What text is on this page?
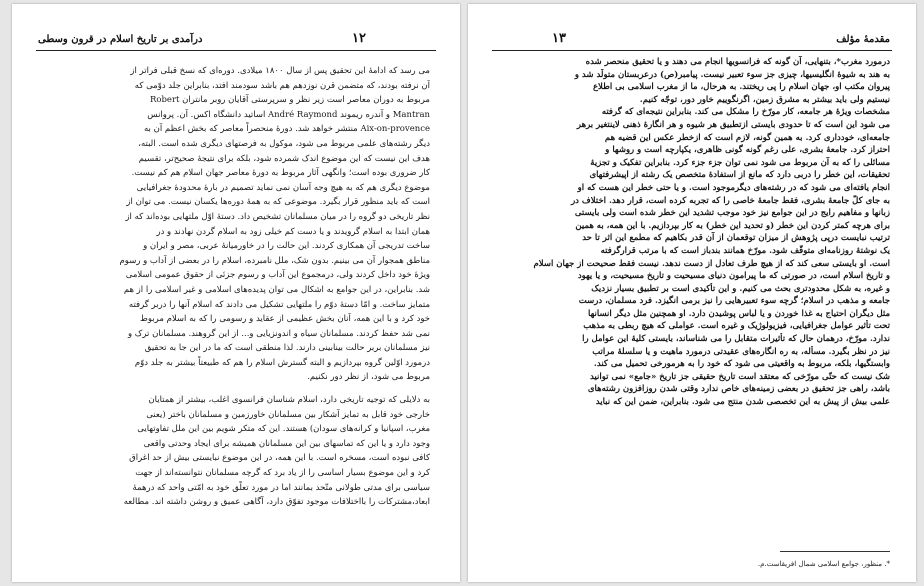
۱۲
درآمدی بر تاریخ اسلام در قرون وسطی
می رسد که ادامهٔ این تحقیق پس از سال ۱۸۰۰ میلادی. دوره‌ای که نسخ قبلی فراتر از
آن نرفته بودند، که متضمن قرن نوزدهم هم باشد سودمند افتد، بنابراین جلد دوّمی که
مربوط به دوران معاصر است زیر نظر و سرپرستی آقایان روبر مانتران Robert
Mantran و آندره ریموند André Raymond اساتید دانشگاه اکس. آن. پروانس
Aix-on-provence منتشر خواهد شد. دورهٔ منحصراً معاصر که بخش اعظم آن به
دیگر رشته‌های علمی مربوط می شود، موکول به فرصتهای دیگری شده است. البته،
هدف این نیست که این موضوع اندک شمرده شود، بلکه برای نتیجهٔ صحیح‌تر، تقسیم
کار ضروری بوده است؛ وانگهی آثار مربوط به دورهٔ معاصر جهان اسلام هم کم نیست.
موضوع دیگری هم که به هیچ وجه آسان نمی نماید تصمیم در بارهٔ محدودهٔ جغرافیایی
است که باید منظور قرار بگیرد. موضوعی که به همهٔ دوره‌ها یکسان نیست. می توان از
نظر تاریخی دو گروه را در میان مسلمانان تشخیص داد. دستهٔ اوّل ملتهایی بوده‌اند که از
همان ابتدا به اسلام گرویدند و یا دست کم خیلی زود به اسلام گردن نهادند و در
ساخت تدریجی آن همکاری کردند. این حالت را در خاورمیانهٔ عربی، مصر و ایران و
مناطق همجوار آن می بینیم. بدون شک، ملل نامبرده، اسلام را در بعضی از آداب و رسوم
ویژهٔ خود داخل کردند ولی، درمجموع این آداب و رسوم جزئی از حقوق عمومی اسلامی
شد. بنابراین، در این جوامع به اشکال می توان پدیده‌های اسلامی و غیر اسلامی را از هم
متمایز ساخت. و امّا دستهٔ دوّم را ملتهایی تشکیل می دادند که اسلام آنها را دربر گرفته
خود کرد و با این همه، آنان بخش عظیمی از عقاید و رسومی را که به اسلام مربوط
نمی شد حفظ کردند. مسلمانان سیاه و اندونزیایی و... از این گروهند. مسلمانان ترک و
نیز مسلمانان بربر حالت بینابینی دارند. لذا منطقی است که ما در این جا به تحقیق
درمورد اوّلین گروه بپردازیم و البته گسترش اسلام را هم که طبیعتاً بیشتر به جلد دوّم
مربوط می شود، از نظر دور نکنیم.
به دلایلی که توجیه تاریخی دارد، اسلام شناسان فرانسوی اغلب، بیشتر از همتایان
خارجی خود قابل به تمایز آشکار بین مسلمانان خاورزمین و مسلمانان باختر (یعنی
مغرب، اسپانیا و کرانه‌های سودان) هستند. این که متکر شویم بین این ملل تفاوتهایی
وجود دارد و یا این که تماسهای بین این مسلمانان همیشه برای ایجاد وحدتی واقعی
کافی نبوده است، مسخره است. با این همه، در این موضوع نبایستی بیش از حد اغراق
کرد و این موضوع بسیار اساسی را از یاد برد که گرچه مسلمانان نتوانسته‌اند از جهت
سیاسی برای مدتی طولانی متّحد بمانند اما در مورد تعلّق خود به امّتی واحد که درهمهٔ
ابعاد،مشترکات را بااختلافات موجود تفوّق دارد، آگاهی عمیق و روشن داشته اند. مطالعه
۱۳	مقدمهٔ مؤلف
درمورد مغرب*، بتنهایی، آن گونه که فرانسویها انجام می دهند و یا تحقیق منحصر شده
به هند به شیوهٔ انگلیسیها، چیزی جز سوء تعبیر نیست. پیامبر(ص) درعربستان متولّد شد و
پیروان مکتب او، جهان اسلام را پی ریختند. به هرحال، ما از مغرب اسلامی بی اطلاع
نیستیم ولی باید بیشتر به مشرق زمین، اگرنگوییم خاور دور، توجّه کنیم.
مشخصات ویژهٔ هر جامعه، کار مورّخ را مشکل می کند. بنابراین نتیجه‌ای که گرفته
می شود این است که تا حدودی بایستی ازتطبیق هر شیوه و هر انگارهٔ ذهنی لاینتغیر برهر
جامعه‌ای، خودداری کرد. به همین گونه، لازم است که ازخطر عکس این قضیه هم
احتراز کرد. جامعهٔ بشری، علی رغم گونه گونی ظاهری، یکپارچه است و روشها و
مسائلی را که به آن مربوط می شود نمی توان جزء جزء کرد. بنابراین تفکیک و تجزیهٔ
تحقیقات، این خطر را دربی دارد که مانع از استفادهٔ متخصص یک رشته از اپیشرفتهای
انجام یافته‌ای می شود که در رشته‌های دیگرموجود است. و یا حتی خطر این هست که او
به جای کلّ جامعهٔ بشری، فقط جامعهٔ خاصی را که تجربه کرده است، قرار دهد. اختلاف در
زبانها و مفاهیم رایج در این جوامع نیز خود موجب تشدید این خطر شده است ولی بایستی
برای هرچه کمتر کردن این خطر (و تحدید این خطر) به کار بپردازیم. با این همه، به همین
ترتیب نبایست درپی پژوهش از میزان توقعمان از آن قدر بکاهیم که مطمع این اثر تا حد
یک نوشتهٔ روزنامه‌ای متوقّف شود. مورّخ همانند بندباز است که با مرتب قرارگرفته
است. او بایستی سعی کند که از هیچ طرف تعادل از دست ندهد. نیست فقط صحیحت از جهان اسلام
و تاریخ اسلام است، در صورتی که ما پیرامون دنیای مسیحیت و تاریخ مسیحیت، و یا یهود
و غیره، به شکل محدودتری بحث می کنیم. و این تأکیدی است بر تطبیق بسیار نزدیک
جامعه و مذهب در اسلام؛ گرچه سوء تعبیرهایی را نیز برمی انگیزد. فرد مسلمان، درست
مثل دیگران احتیاج به غذا خوردن و یا لباس پوشیدن دارد. او همچنین مثل دیگر انسانها
تحت تأثیر عوامل جغرافیایی، فیزیولوژیک و غیره است. عواملی که هیچ ربطی به مذهب
ندارد. مورّخ، درهمان حال که تأثیرات متقابل را می شناساند، بایستی کلیهٔ این عوامل را
نیز در نظر بگیرد. مسأله، به ره انگاره‌های عقیدتی درمورد ماهیت و یا سلسلهٔ مراتب
وابستگیها، بلکه، مربوط به واقعیتی می شود که خود را به هرمورخی تحمیل می کند.
شک نیست که حتّی مورّخی که معتقد است تاریخ حقیقی جز تاریخ «جامع» نمی توانید
باشد، راهی جز تحقیق در بعضی زمینه‌های خاص ندارد وقتی شدن روزافزون رشته‌های
علمی بیش از پیش به این تخصصی شدن منتج می شود. بنابراین، ضمن این که نباید
*. منظور، جوامع اسلامی شمال افریقاست.م.
